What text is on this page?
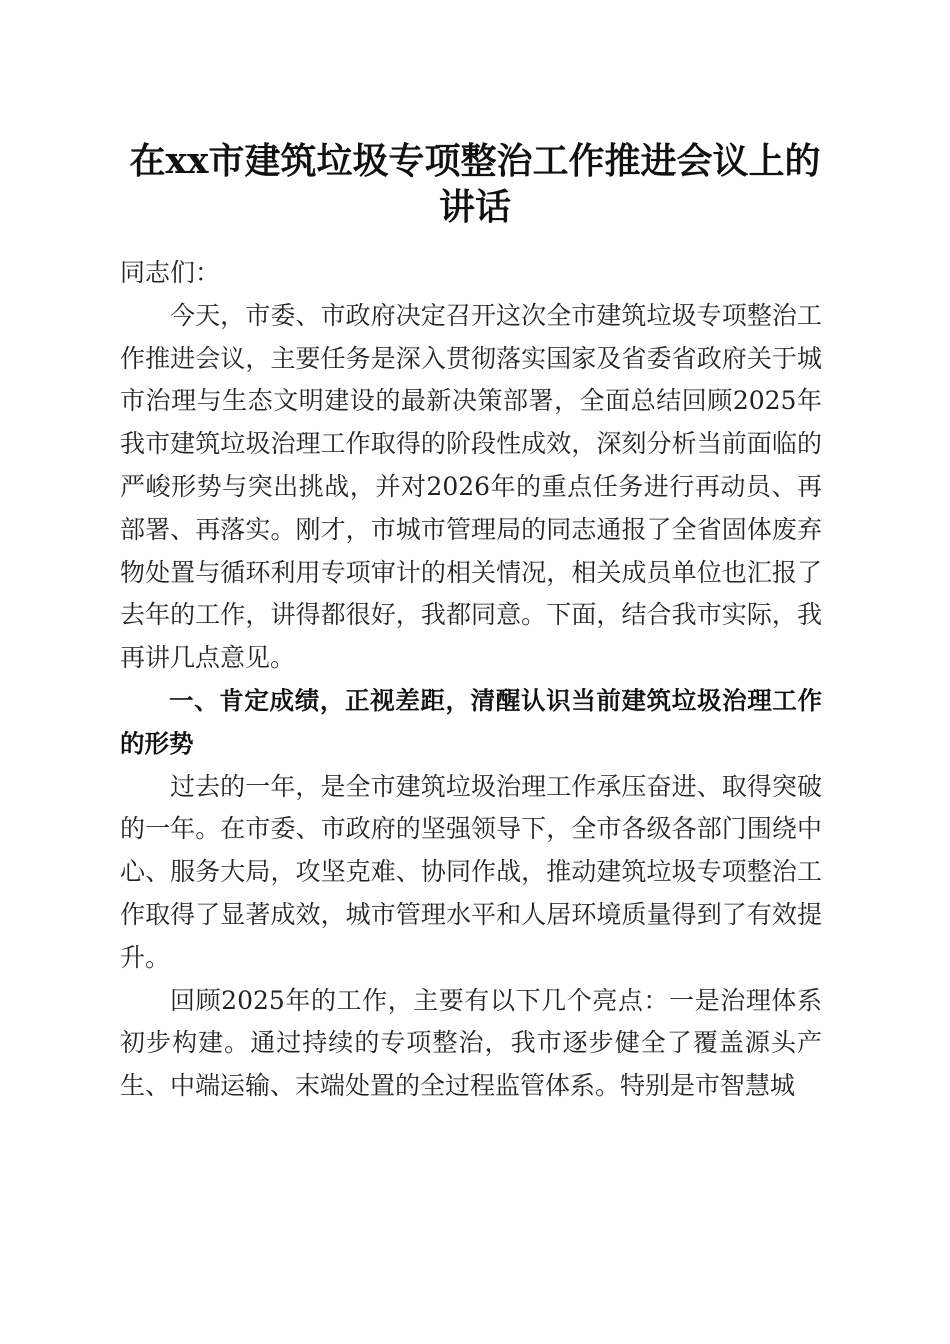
在xx市建筑垃圾专项整治工作推进会议上的
讲话

同志们：

今天，市委、市政府决定召开这次全市建筑垃圾专项整治工作推进会议，主要任务是深入贯彻落实国家及省委省政府关于城市治理与生态文明建设的最新决策部署，全面总结回顾2025年我市建筑垃圾治理工作取得的阶段性成效，深刻分析当前面临的严峻形势与突出挑战，并对2026年的重点任务进行再动员、再部署、再落实。刚才，市城市管理局的同志通报了全省固体废弃物处置与循环利用专项审计的相关情况，相关成员单位也汇报了去年的工作，讲得都很好，我都同意。下面，结合我市实际，我再讲几点意见。

一、肯定成绩，正视差距，清醒认识当前建筑垃圾治理工作的形势

过去的一年，是全市建筑垃圾治理工作承压奋进、取得突破的一年。在市委、市政府的坚强领导下，全市各级各部门围绕中心、服务大局，攻坚克难、协同作战，推动建筑垃圾专项整治工作取得了显著成效，城市管理水平和人居环境质量得到了有效提升。

回顾2025年的工作，主要有以下几个亮点：一是治理体系初步构建。通过持续的专项整治，我市逐步健全了覆盖源头产生、中端运输、末端处置的全过程监管体系。特别是市智慧城
